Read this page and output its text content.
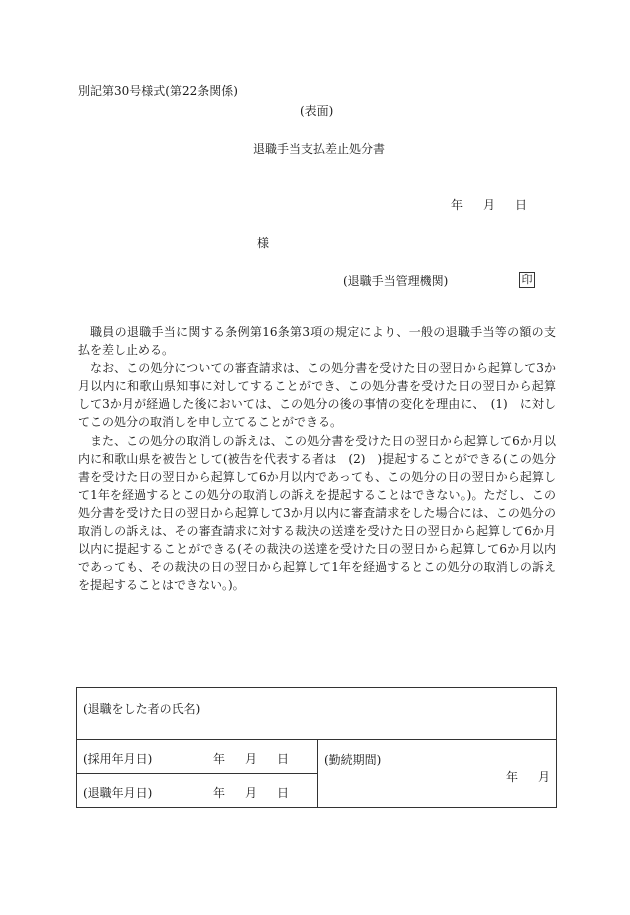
別記第30号様式(第22条関係)
(表面)
退職手当支払差止処分書
年 月 日
様
(退職手当管理機関)	印

職員の退職手当に関する条例第16条第3項の規定により、一般の退職手当等の額の支払を差し止める。

なお、この処分についての審査請求は、この処分書を受けた日の翌日から起算して3か月以内に和歌山県知事に対してすることができ、この処分書を受けた日の翌日から起算して3か月が経過した後においては、この処分の後の事情の変化を理由に、　(1)　に対してこの処分の取消しを申し立てることができる。

また、この処分の取消しの訴えは、この処分書を受けた日の翌日から起算して6か月以内に和歌山県を被告として(被告を代表する者は　(2)　)提起することができる(この処分書を受けた日の翌日から起算して6か月以内であっても、この処分の日の翌日から起算して1年を経過するとこの処分の取消しの訴えを提起することはできない。)。ただし、この処分書を受けた日の翌日から起算して3か月以内に審査請求をした場合には、この処分の取消しの訴えは、その審査請求に対する裁決の送達を受けた日の翌日から起算して6か月以内に提起することができる(その裁決の送達を受けた日の翌日から起算して6か月以内であっても、その裁決の日の翌日から起算して1年を経過するとこの処分の取消しの訴えを提起することはできない。)。

(退職をした者の氏名)

(採用年月日)	年 月 日	(勤続期間)
年 月

(退職年月日)	年 月 日
